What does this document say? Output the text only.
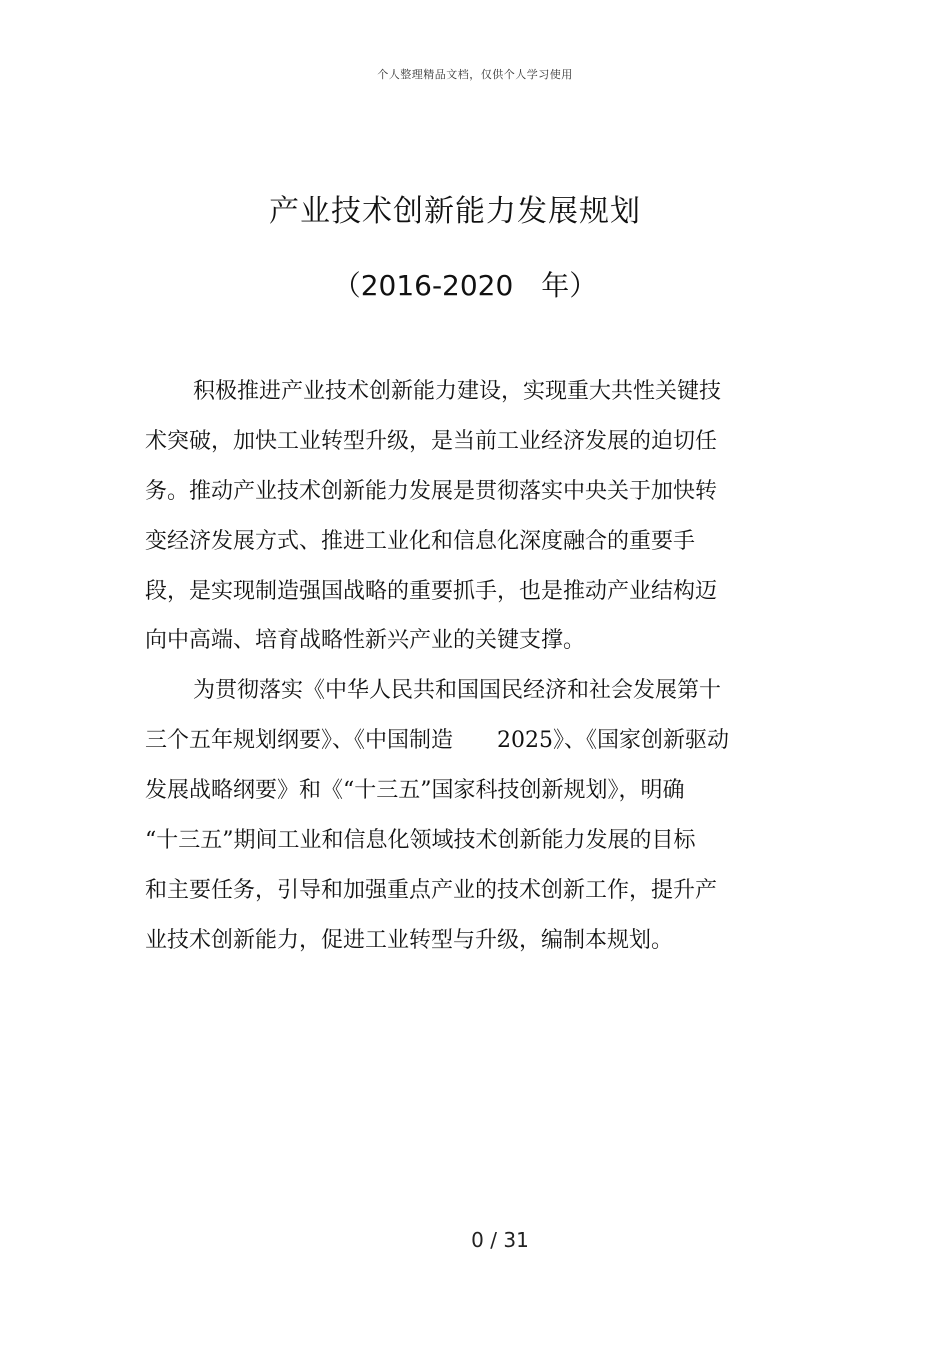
个人整理精品文档，仅供个人学习使用
产业技术创新能力发展规划
（2016-2020　年）
积极推进产业技术创新能力建设，实现重大共性关键技
术突破，加快工业转型升级，是当前工业经济发展的迫切任
务。推动产业技术创新能力发展是贯彻落实中央关于加快转
变经济发展方式、推进工业化和信息化深度融合的重要手
段，是实现制造强国战略的重要抓手，也是推动产业结构迈
向中高端、培育战略性新兴产业的关键支撑。
为贯彻落实《中华人民共和国国民经济和社会发展第十
三个五年规划纲要》、《中国制造　　2025》、《国家创新驱动
发展战略纲要》和《“十三五”国家科技创新规划》，明确
“十三五”期间工业和信息化领域技术创新能力发展的目标
和主要任务，引导和加强重点产业的技术创新工作，提升产
业技术创新能力，促进工业转型与升级，编制本规划。
0 / 31
